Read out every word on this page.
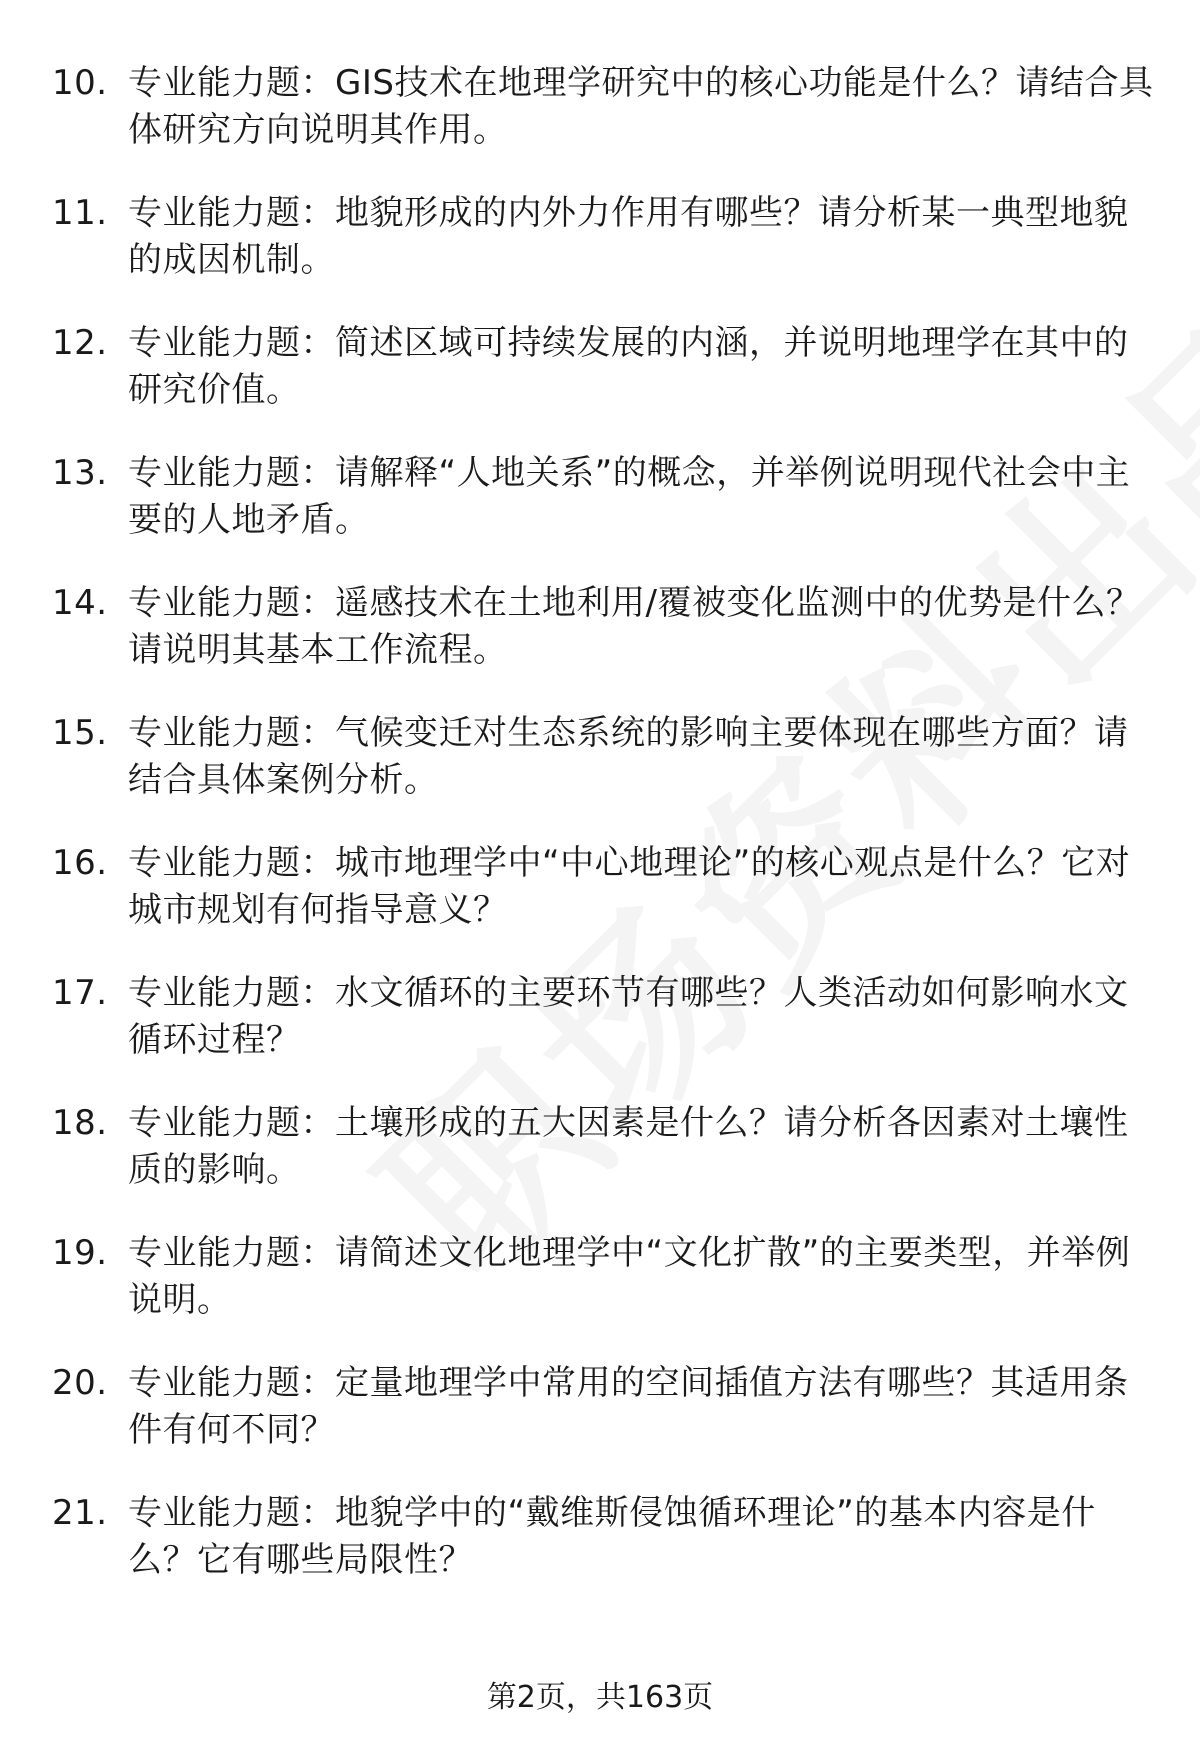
10. 专业能力题：GIS技术在地理学研究中的核心功能是什么？请结合具体研究方向说明其作用。
11. 专业能力题：地貌形成的内外力作用有哪些？请分析某一典型地貌的成因机制。
12. 专业能力题：简述区域可持续发展的内涵，并说明地理学在其中的研究价值。
13. 专业能力题：请解释“人地关系”的概念，并举例说明现代社会中主要的人地矛盾。
14. 专业能力题：遥感技术在土地利用/覆被变化监测中的优势是什么？请说明其基本工作流程。
15. 专业能力题：气候变迁对生态系统的影响主要体现在哪些方面？请结合具体案例分析。
16. 专业能力题：城市地理学中“中心地理论”的核心观点是什么？它对城市规划有何指导意义？
17. 专业能力题：水文循环的主要环节有哪些？人类活动如何影响水文循环过程？
18. 专业能力题：土壤形成的五大因素是什么？请分析各因素对土壤性质的影响。
19. 专业能力题：请简述文化地理学中“文化扩散”的主要类型，并举例说明。
20. 专业能力题：定量地理学中常用的空间插值方法有哪些？其适用条件有何不同？
21. 专业能力题：地貌学中的“戴维斯侵蚀循环理论”的基本内容是什么？它有哪些局限性？
第2页，共163页
